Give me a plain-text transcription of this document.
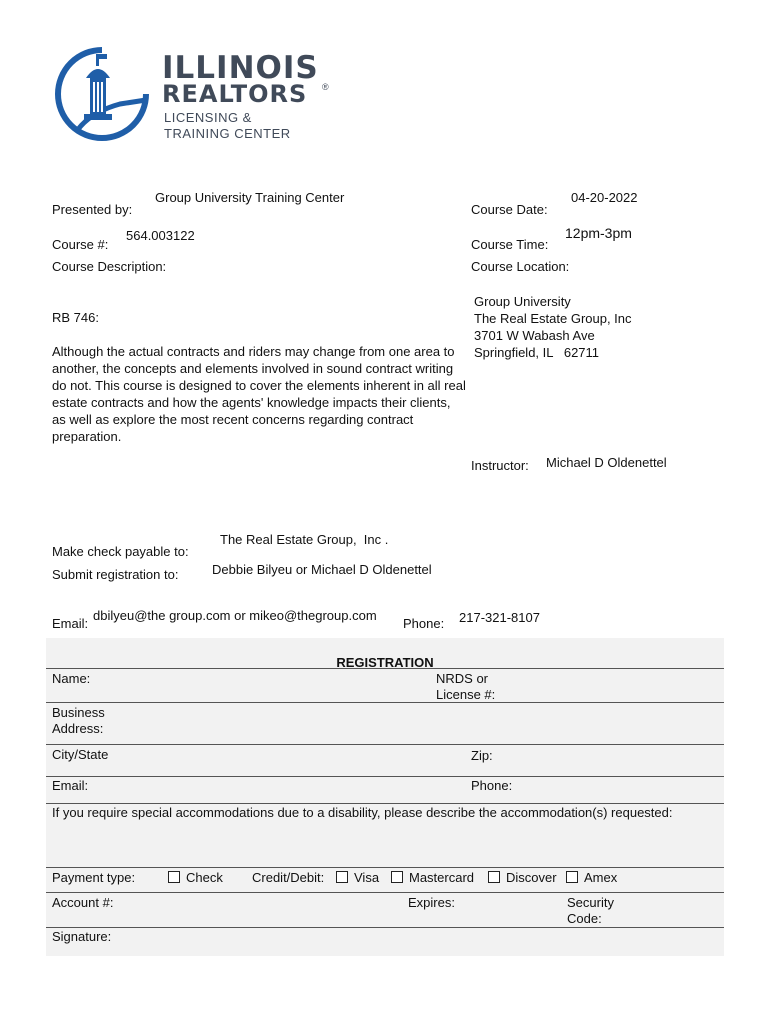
ILLINOIS
REALTORS ®
LICENSING &
TRAINING CENTER
Presented by:
Group University Training Center
Course #:
564.003122
Course Description:
RB 746:
Although the actual contracts and riders may change from one area to another, the concepts and elements involved in sound contract writing do not. This course is designed to cover the elements inherent in all real estate contracts and how the agents' knowledge impacts their clients, as well as explore the most recent concerns regarding contract preparation.
Course Date:
04-20-2022
Course Time:
12pm-3pm
Course Location:
Group University
The Real Estate Group, Inc
3701 W Wabash Ave
Springfield, IL   62711
Instructor: Michael D Oldenettel
Make check payable to:
The Real Estate Group,  Inc .
Submit registration to:	Debbie Bilyeu or Michael D Oldenettel
Email:
dbilyeu@the group.com or mikeo@thegroup.com
Phone: 217-321-8107
REGISTRATION
Name:	NRDS or
License #:
Business
Address:
City/State	Zip:
Email:	Phone:
If you require special accommodations due to a disability, please describe the accommodation(s) requested:
Payment type:	Check Credit/Debit:	Visa	Mastercard	Discover	Amex
Account #:	Expires:	Security
Code:
Signature:
